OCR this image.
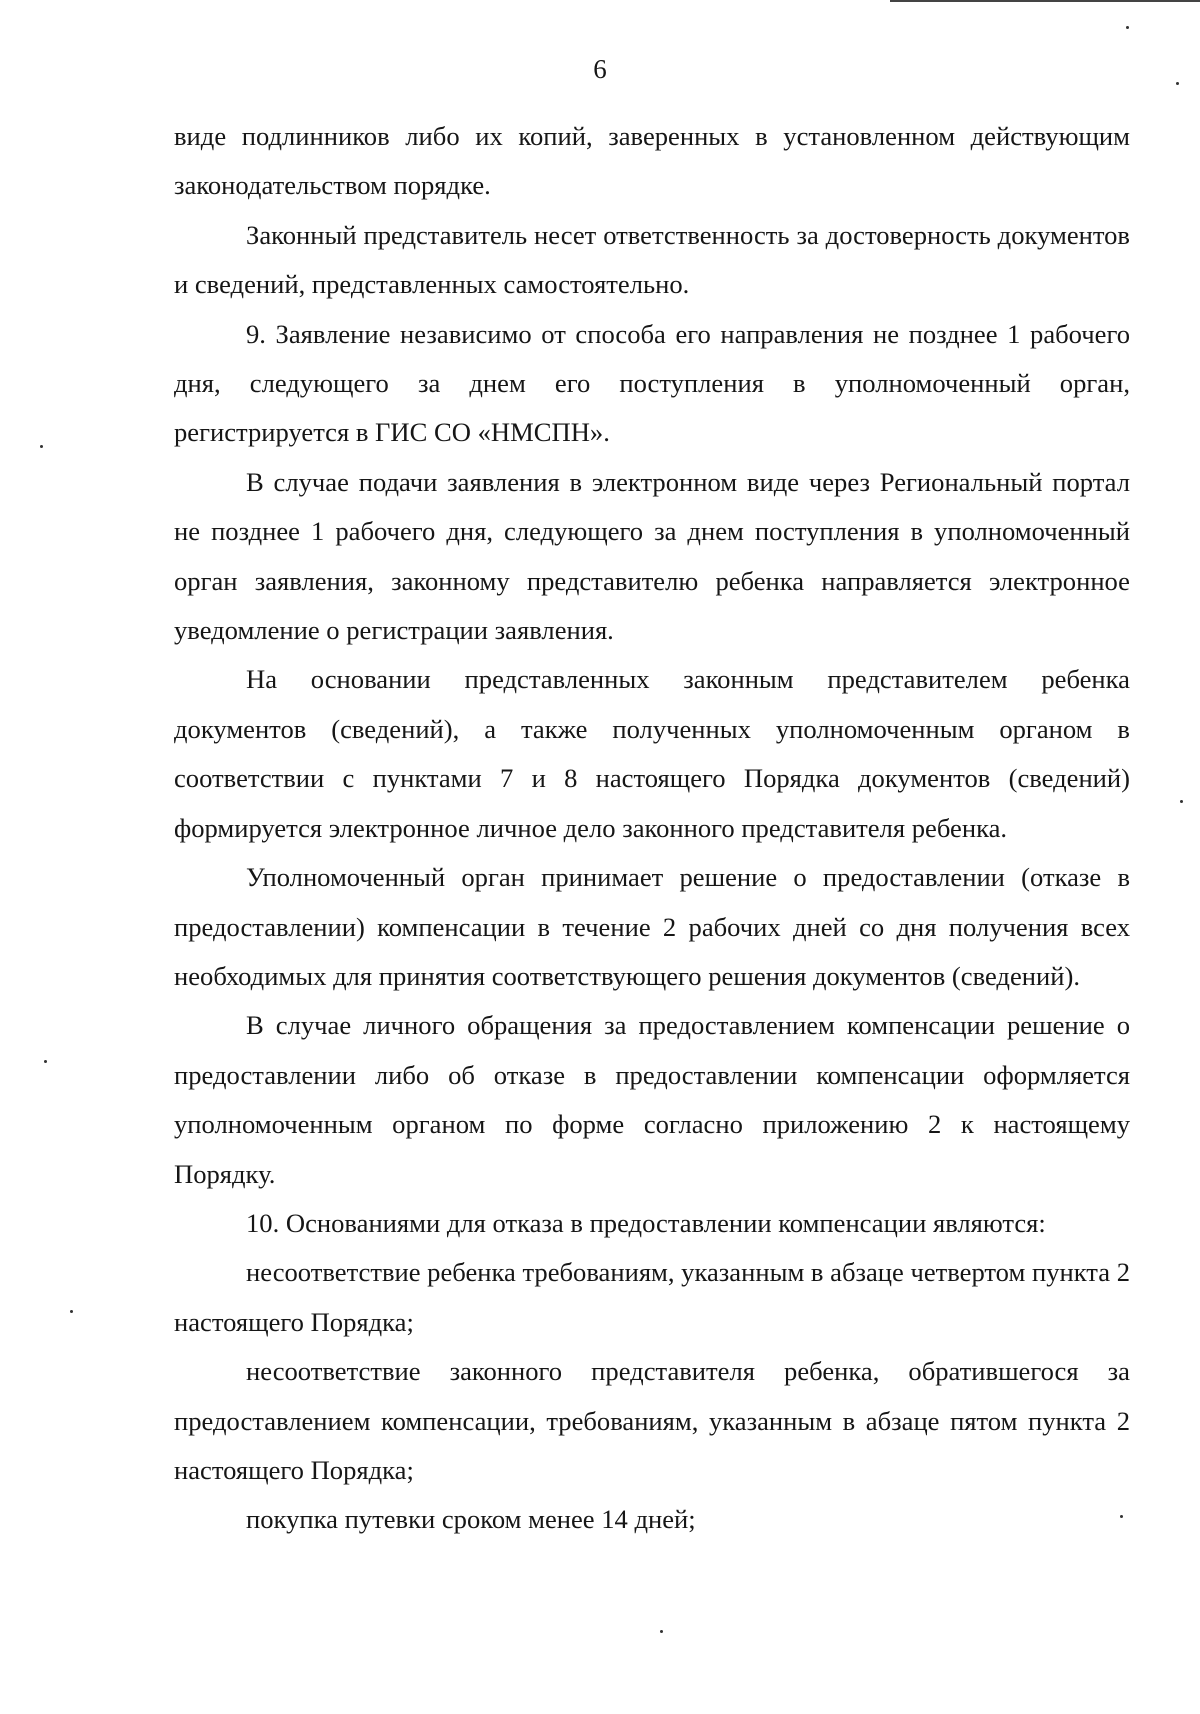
6

виде подлинников либо их копий, заверенных в установленном действующим законодательством порядке.

Законный представитель несет ответственность за достоверность документов и сведений, представленных самостоятельно.

9. Заявление независимо от способа его направления не позднее 1 рабочего дня, следующего за днем его поступления в уполномоченный орган, регистрируется в ГИС СО «НМСПН».

В случае подачи заявления в электронном виде через Региональный портал не позднее 1 рабочего дня, следующего за днем поступления в уполномоченный орган заявления, законному представителю ребенка направляется электронное уведомление о регистрации заявления.

На основании представленных законным представителем ребенка документов (сведений), а также полученных уполномоченным органом в соответствии с пунктами 7 и 8 настоящего Порядка документов (сведений) формируется электронное личное дело законного представителя ребенка.

Уполномоченный орган принимает решение о предоставлении (отказе в предоставлении) компенсации в течение 2 рабочих дней со дня получения всех необходимых для принятия соответствующего решения документов (сведений).

В случае личного обращения за предоставлением компенсации решение о предоставлении либо об отказе в предоставлении компенсации оформляется уполномоченным органом по форме согласно приложению 2 к настоящему Порядку.

10. Основаниями для отказа в предоставлении компенсации являются:

несоответствие ребенка требованиям, указанным в абзаце четвертом пункта 2 настоящего Порядка;

несоответствие законного представителя ребенка, обратившегося за предоставлением компенсации, требованиям, указанным в абзаце пятом пункта 2 настоящего Порядка;

покупка путевки сроком менее 14 дней;
